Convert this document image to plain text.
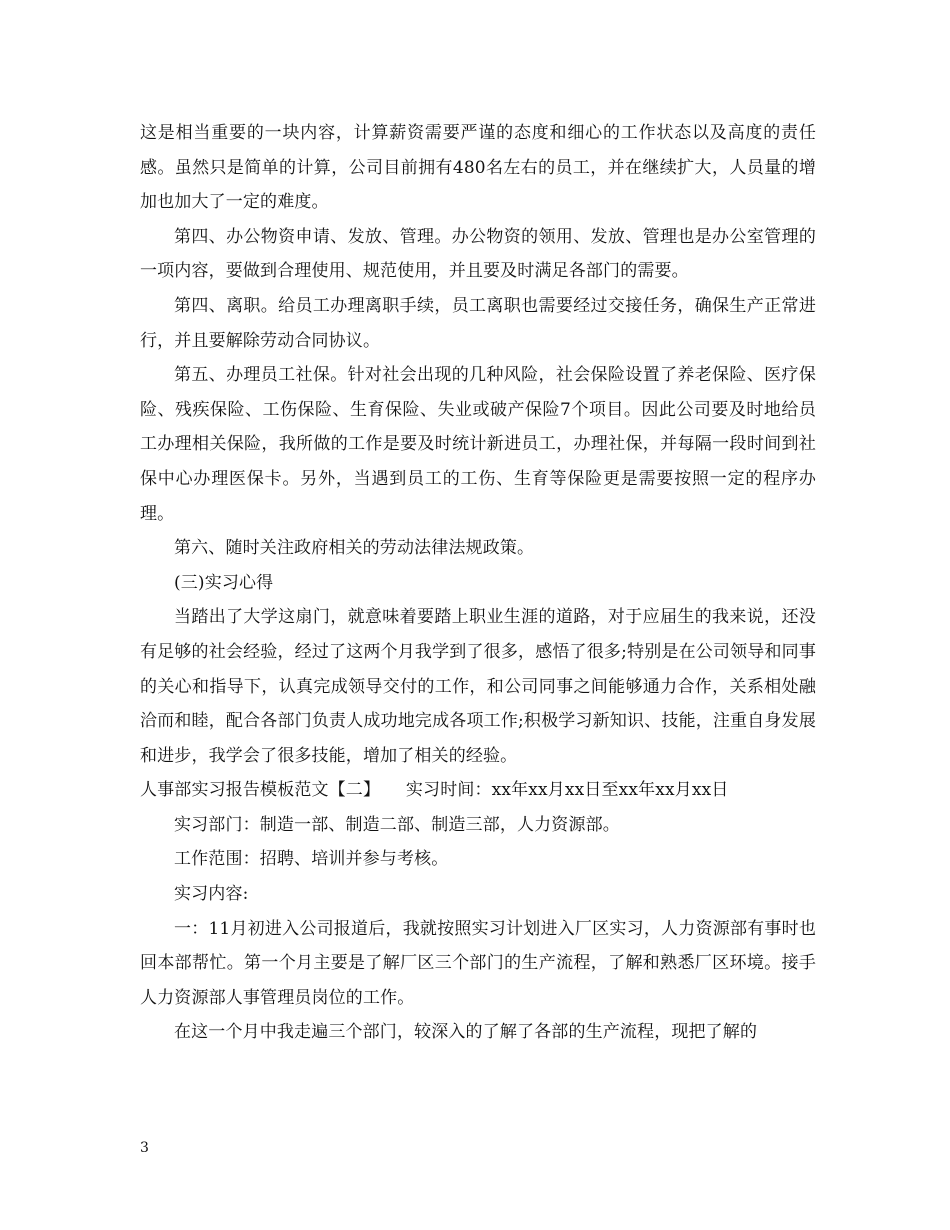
这是相当重要的一块内容，计算薪资需要严谨的态度和细心的工作状态以及高度的责任感。虽然只是简单的计算，公司目前拥有480名左右的员工，并在继续扩大，人员量的增加也加大了一定的难度。

第四、办公物资申请、发放、管理。办公物资的领用、发放、管理也是办公室管理的一项内容，要做到合理使用、规范使用，并且要及时满足各部门的需要。

第四、离职。给员工办理离职手续，员工离职也需要经过交接任务，确保生产正常进行，并且要解除劳动合同协议。

第五、办理员工社保。针对社会出现的几种风险，社会保险设置了养老保险、医疗保险、残疾保险、工伤保险、生育保险、失业或破产保险7个项目。因此公司要及时地给员工办理相关保险，我所做的工作是要及时统计新进员工，办理社保，并每隔一段时间到社保中心办理医保卡。另外，当遇到员工的工伤、生育等保险更是需要按照一定的程序办理。

第六、随时关注政府相关的劳动法律法规政策。

(三)实习心得

当踏出了大学这扇门，就意味着要踏上职业生涯的道路，对于应届生的我来说，还没有足够的社会经验，经过了这两个月我学到了很多，感悟了很多;特别是在公司领导和同事的关心和指导下，认真完成领导交付的工作，和公司同事之间能够通力合作，关系相处融洽而和睦，配合各部门负责人成功地完成各项工作;积极学习新知识、技能，注重自身发展和进步，我学会了很多技能，增加了相关的经验。

人事部实习报告模板范文【二】　　实习时间：xx年xx月xx日至xx年xx月xx日

实习部门：制造一部、制造二部、制造三部，人力资源部。

工作范围：招聘、培训并参与考核。

实习内容:

一：11月初进入公司报道后，我就按照实习计划进入厂区实习，人力资源部有事时也回本部帮忙。第一个月主要是了解厂区三个部门的生产流程，了解和熟悉厂区环境。接手人力资源部人事管理员岗位的工作。

在这一个月中我走遍三个部门，较深入的了解了各部的生产流程，现把了解的

3
